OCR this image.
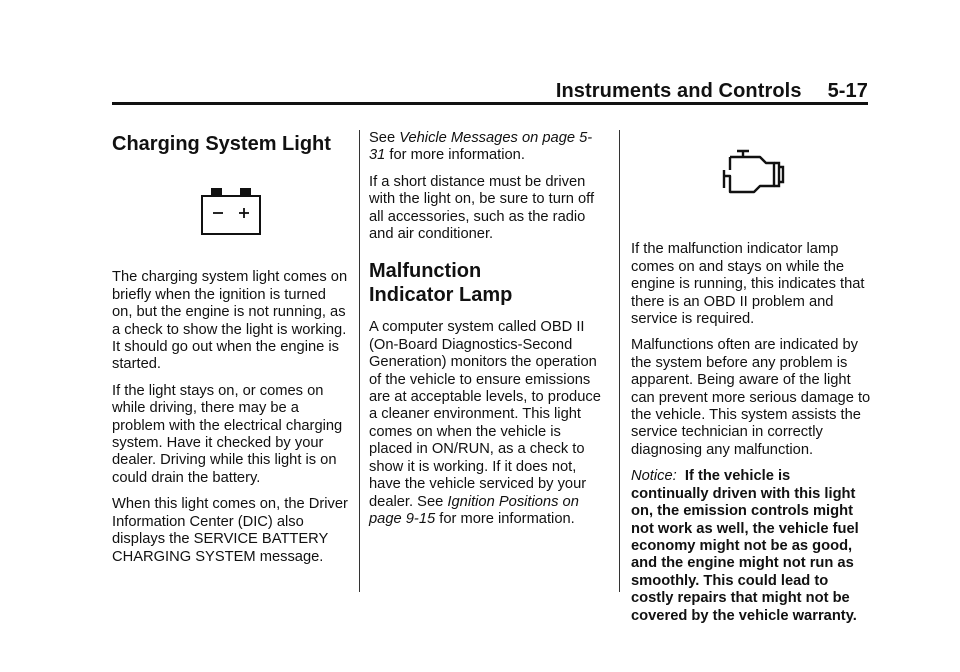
Instruments and Controls 5-17
Charging System Light

The charging system light comes on briefly when the ignition is turned on, but the engine is not running, as a check to show the light is working. It should go out when the engine is started.

If the light stays on, or comes on while driving, there may be a problem with the electrical charging system. Have it checked by your dealer. Driving while this light is on could drain the battery.

When this light comes on, the Driver Information Center (DIC) also displays the SERVICE BATTERY CHARGING SYSTEM message.

See Vehicle Messages on page 5-31 for more information.

If a short distance must be driven with the light on, be sure to turn off all accessories, such as the radio and air conditioner.

Malfunction
Indicator Lamp

A computer system called OBD II (On-Board Diagnostics-Second Generation) monitors the operation of the vehicle to ensure emissions are at acceptable levels, to produce a cleaner environment. This light comes on when the vehicle is placed in ON/RUN, as a check to show it is working. If it does not, have the vehicle serviced by your dealer. See Ignition Positions on page 9-15 for more information.

If the malfunction indicator lamp comes on and stays on while the engine is running, this indicates that there is an OBD II problem and service is required.

Malfunctions often are indicated by the system before any problem is apparent. Being aware of the light can prevent more serious damage to the vehicle. This system assists the service technician in correctly diagnosing any malfunction.

Notice: If the vehicle is continually driven with this light on, the emission controls might not work as well, the vehicle fuel economy might not be as good, and the engine might not run as smoothly. This could lead to costly repairs that might not be covered by the vehicle warranty.
